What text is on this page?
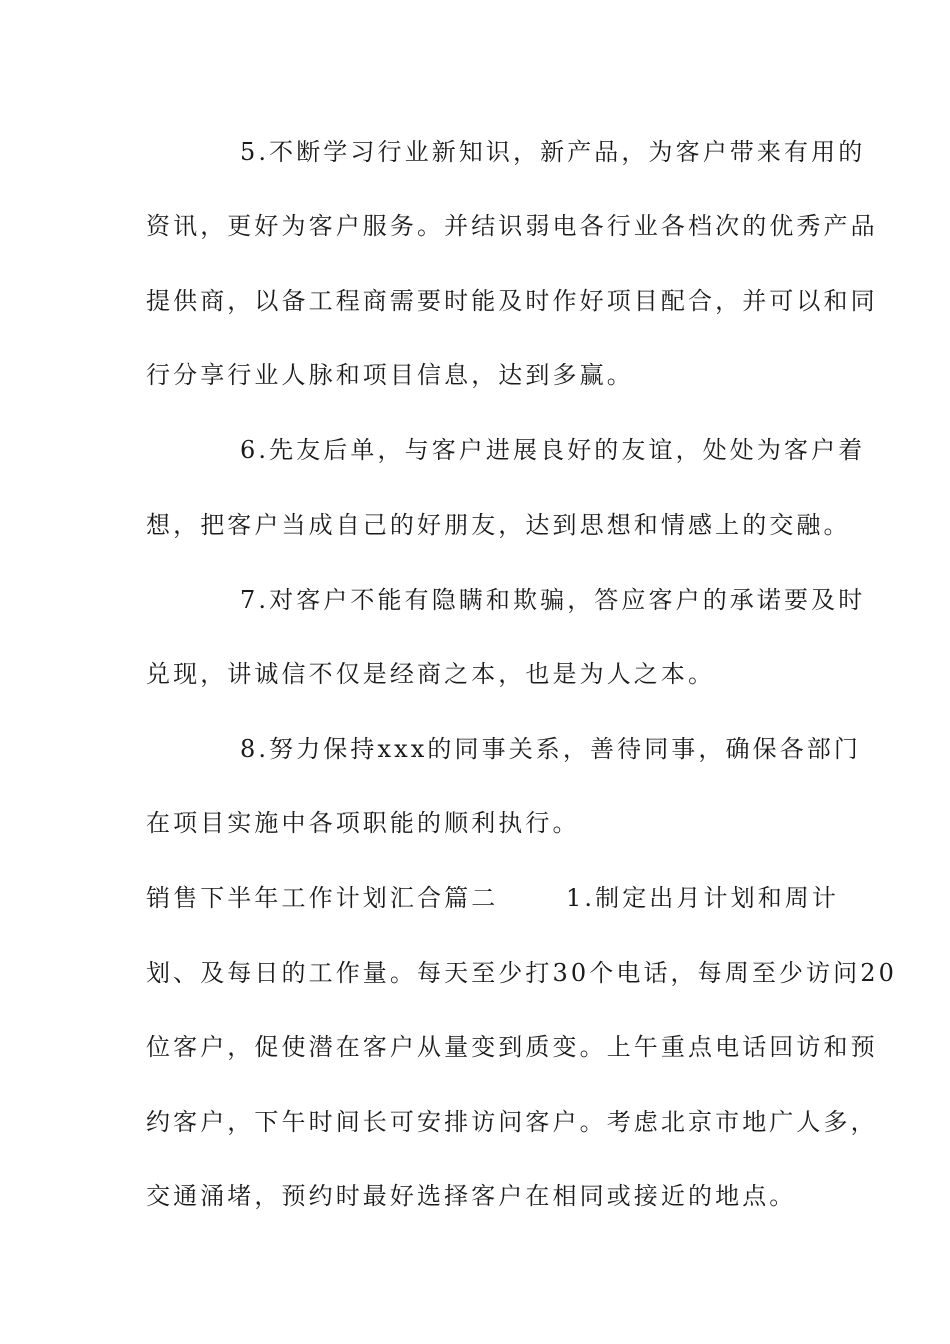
5.不断学习行业新知识，新产品，为客户带来有用的
资讯，更好为客户服务。并结识弱电各行业各档次的优秀产品
提供商，以备工程商需要时能及时作好项目配合，并可以和同
行分享行业人脉和项目信息，达到多赢。
6.先友后单，与客户进展良好的友谊，处处为客户着
想，把客户当成自己的好朋友，达到思想和情感上的交融。
7.对客户不能有隐瞒和欺骗，答应客户的承诺要及时
兑现，讲诚信不仅是经商之本，也是为人之本。
8.努力保持xxx的同事关系，善待同事，确保各部门
在项目实施中各项职能的顺利执行。
销售下半年工作计划汇合篇二	1.制定出月计划和周计
划、及每日的工作量。每天至少打30个电话，每周至少访问20
位客户，促使潜在客户从量变到质变。上午重点电话回访和预
约客户，下午时间长可安排访问客户。考虑北京市地广人多，
交通涌堵，预约时最好选择客户在相同或接近的地点。
